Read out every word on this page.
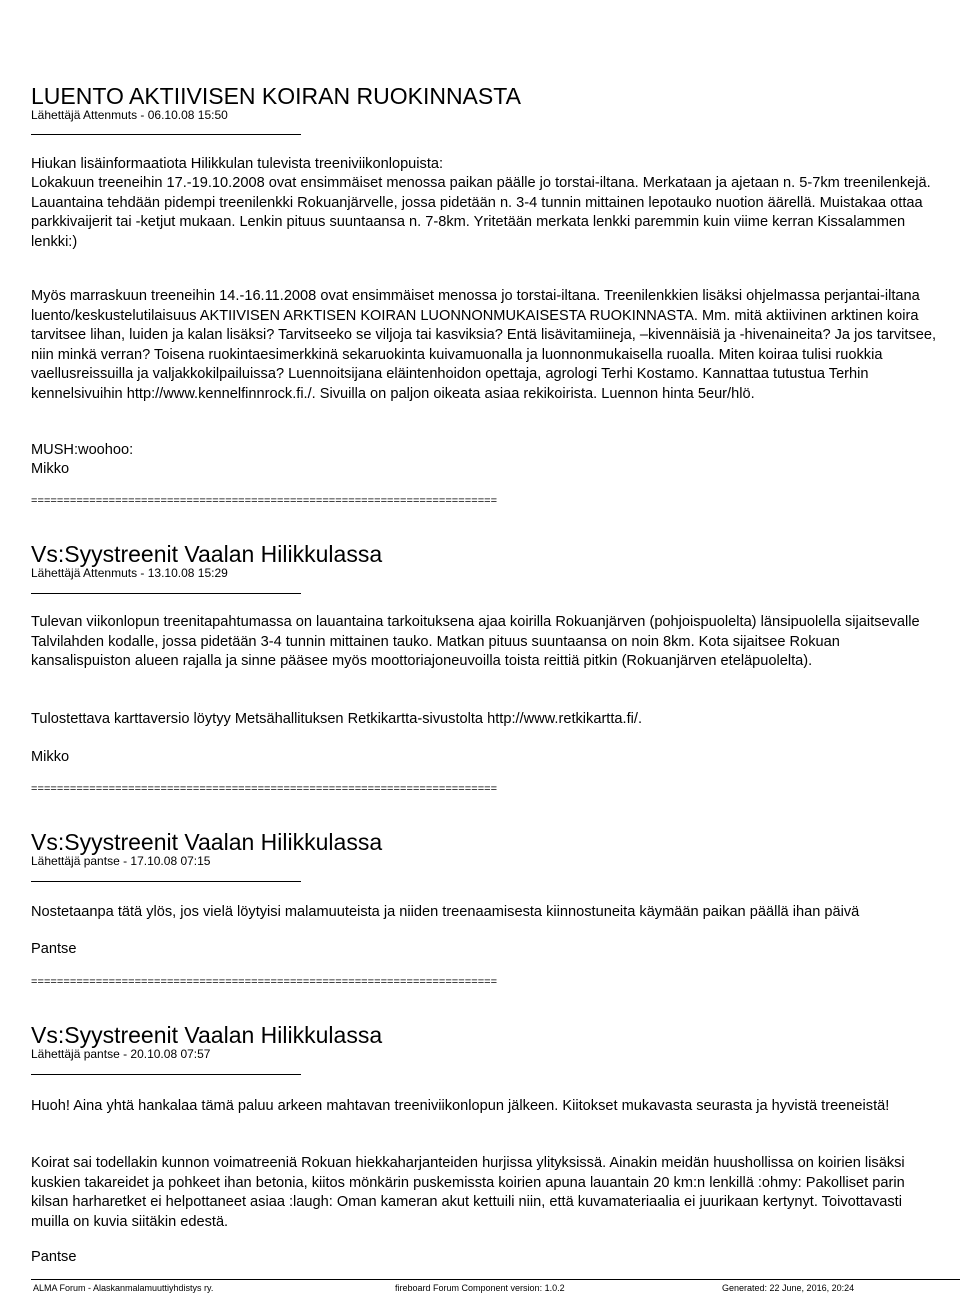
LUENTO AKTIIVISEN KOIRAN RUOKINNASTA
Lähettäjä Attenmuts - 06.10.08 15:50
Hiukan lisäinformaatiota Hilikkulan tulevista treeniviikonlopuista:
Lokakuun treeneihin 17.-19.10.2008 ovat ensimmäiset menossa paikan päälle jo torstai-iltana. Merkataan ja ajetaan n. 5-7km treenilenkejä. Lauantaina tehdään pidempi treenilenkki Rokuanjärvelle, jossa pidetään n. 3-4 tunnin mittainen lepotauko nuotion äärellä. Muistakaa ottaa parkkivaijerit tai -ketjut mukaan. Lenkin pituus suuntaansa n. 7-8km. Yritetään merkata lenkki paremmin kuin viime kerran Kissalammen lenkki:)
Myös marraskuun treeneihin 14.-16.11.2008 ovat ensimmäiset menossa jo torstai-iltana. Treenilenkkien lisäksi ohjelmassa perjantai-iltana luento/keskustelutilaisuus AKTIIVISEN ARKTISEN KOIRAN LUONNONMUKAISESTA RUOKINNASTA. Mm. mitä aktiivinen arktinen koira tarvitsee lihan, luiden ja kalan lisäksi? Tarvitseeko se viljoja tai kasviksia? Entä lisävitamiineja, –kivennäisiä ja -hivenaineita? Ja jos tarvitsee, niin minkä verran? Toisena ruokintaesimerkkinä sekaruokinta kuivamuonalla ja luonnonmukaisella ruoalla. Miten koiraa tulisi ruokkia vaellusreissuilla ja valjakkokilpailuissa? Luennoitsijana eläintenhoidon opettaja, agrologi Terhi Kostamo. Kannattaa tutustua Terhin kennelsivuihin http://www.kennelfinnrock.fi./. Sivuilla on paljon oikeata asiaa rekikoirista. Luennon hinta 5eur/hlö.
MUSH:woohoo:
Mikko
========================================================================
Vs:Syystreenit Vaalan Hilikkulassa
Lähettäjä Attenmuts - 13.10.08 15:29
Tulevan viikonlopun treenitapahtumassa on lauantaina tarkoituksena ajaa koirilla Rokuanjärven (pohjoispuolelta) länsipuolella sijaitsevalle Talvilahden kodalle, jossa pidetään 3-4 tunnin mittainen tauko. Matkan pituus suuntaansa on noin 8km. Kota sijaitsee Rokuan kansalispuiston alueen rajalla ja sinne pääsee myös moottoriajoneuvoilla toista reittiä pitkin (Rokuanjärven eteläpuolelta).
Tulostettava karttaversio löytyy Metsähallituksen Retkikartta-sivustolta http://www.retkikartta.fi/.
Mikko
========================================================================
Vs:Syystreenit Vaalan Hilikkulassa
Lähettäjä pantse - 17.10.08 07:15
Nostetaanpa tätä ylös, jos vielä löytyisi malamuuteista ja niiden treenaamisesta kiinnostuneita käymään paikan päällä ihan päivä
Pantse
========================================================================
Vs:Syystreenit Vaalan Hilikkulassa
Lähettäjä pantse - 20.10.08 07:57
Huoh! Aina yhtä hankalaa tämä paluu arkeen mahtavan treeniviikonlopun jälkeen. Kiitokset mukavasta seurasta ja hyvistä treeneistä!
Koirat sai todellakin kunnon voimatreeniä Rokuan hiekkaharjanteiden hurjissa ylityksissä. Ainakin meidän huushollissa on koirien lisäksi kuskien takareidet ja pohkeet ihan betonia, kiitos mönkärin puskemissta koirien apuna lauantain 20 km:n lenkillä :ohmy: Pakolliset parin kilsan harharetket ei helpottaneet asiaa :laugh: Oman kameran akut kettuili niin, että kuvamateriaalia ei juurikaan kertynyt. Toivottavasti muilla on kuvia siitäkin edestä.
Pantse
ALMA Forum - Alaskanmalamuuttiyhdistys ry.	fireboard Forum Component version: 1.0.2	Generated: 22 June, 2016, 20:24
